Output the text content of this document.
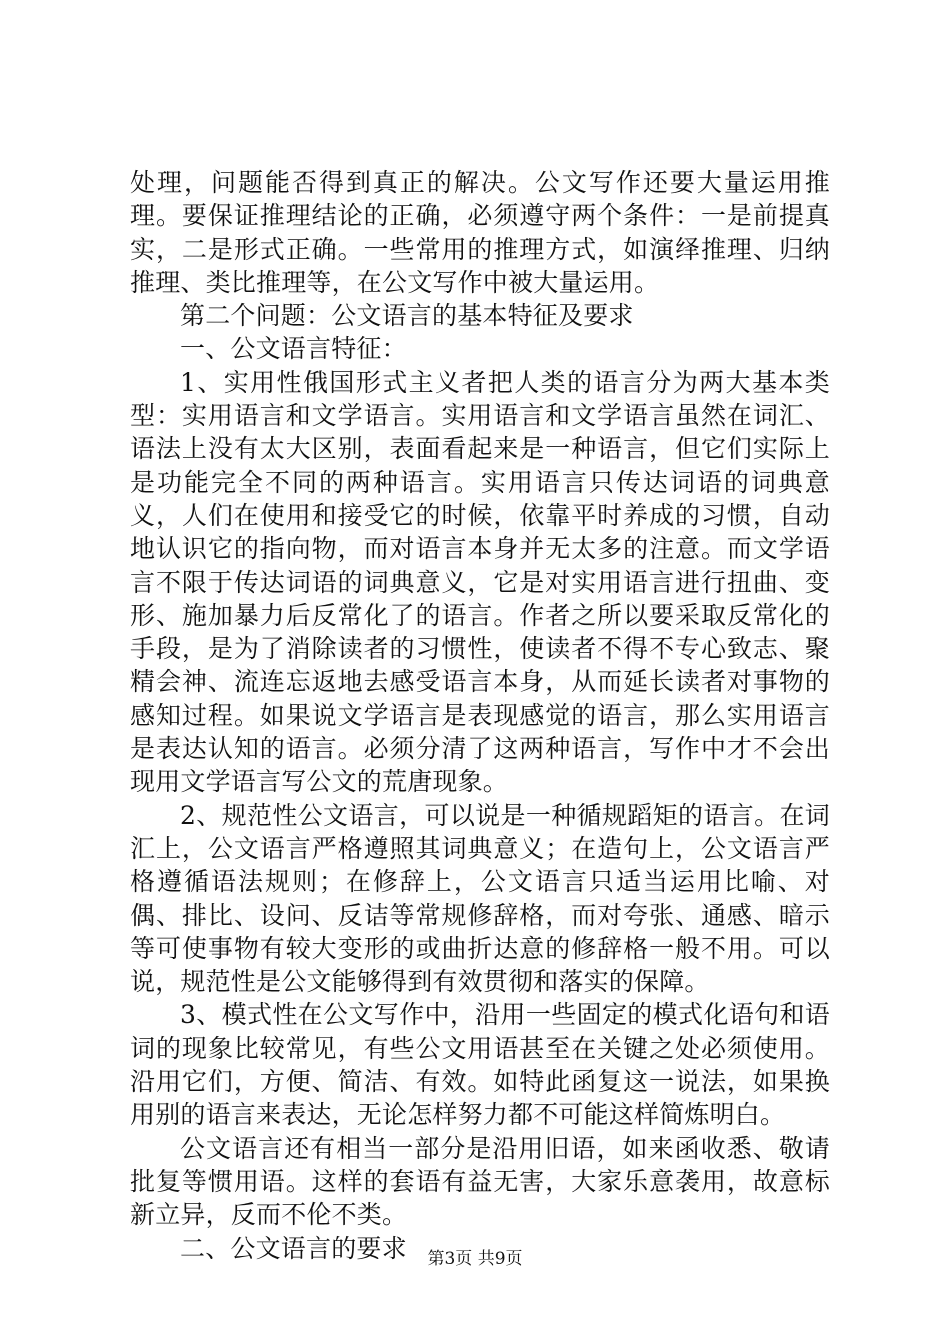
处理，问题能否得到真正的解决。公文写作还要大量运用推理。要保证推理结论的正确，必须遵守两个条件：一是前提真实，二是形式正确。一些常用的推理方式，如演绎推理、归纳推理、类比推理等，在公文写作中被大量运用。

第二个问题：公文语言的基本特征及要求

一、公文语言特征：

1、实用性俄国形式主义者把人类的语言分为两大基本类型：实用语言和文学语言。实用语言和文学语言虽然在词汇、语法上没有太大区别，表面看起来是一种语言，但它们实际上是功能完全不同的两种语言。实用语言只传达词语的词典意义，人们在使用和接受它的时候，依靠平时养成的习惯，自动地认识它的指向物，而对语言本身并无太多的注意。而文学语言不限于传达词语的词典意义，它是对实用语言进行扭曲、变形、施加暴力后反常化了的语言。作者之所以要采取反常化的手段，是为了消除读者的习惯性，使读者不得不专心致志、聚精会神、流连忘返地去感受语言本身，从而延长读者对事物的感知过程。如果说文学语言是表现感觉的语言，那么实用语言是表达认知的语言。必须分清了这两种语言，写作中才不会出现用文学语言写公文的荒唐现象。

2、规范性公文语言，可以说是一种循规蹈矩的语言。在词汇上，公文语言严格遵照其词典意义；在造句上，公文语言严格遵循语法规则；在修辞上，公文语言只适当运用比喻、对偶、排比、设问、反诘等常规修辞格，而对夸张、通感、暗示等可使事物有较大变形的或曲折达意的修辞格一般不用。可以说，规范性是公文能够得到有效贯彻和落实的保障。

3、模式性在公文写作中，沿用一些固定的模式化语句和语词的现象比较常见，有些公文用语甚至在关键之处必须使用。沿用它们，方便、简洁、有效。如特此函复这一说法，如果换用别的语言来表达，无论怎样努力都不可能这样简炼明白。

公文语言还有相当一部分是沿用旧语，如来函收悉、敬请批复等惯用语。这样的套语有益无害，大家乐意袭用，故意标新立异，反而不伦不类。

二、公文语言的要求	第3页 共9页
